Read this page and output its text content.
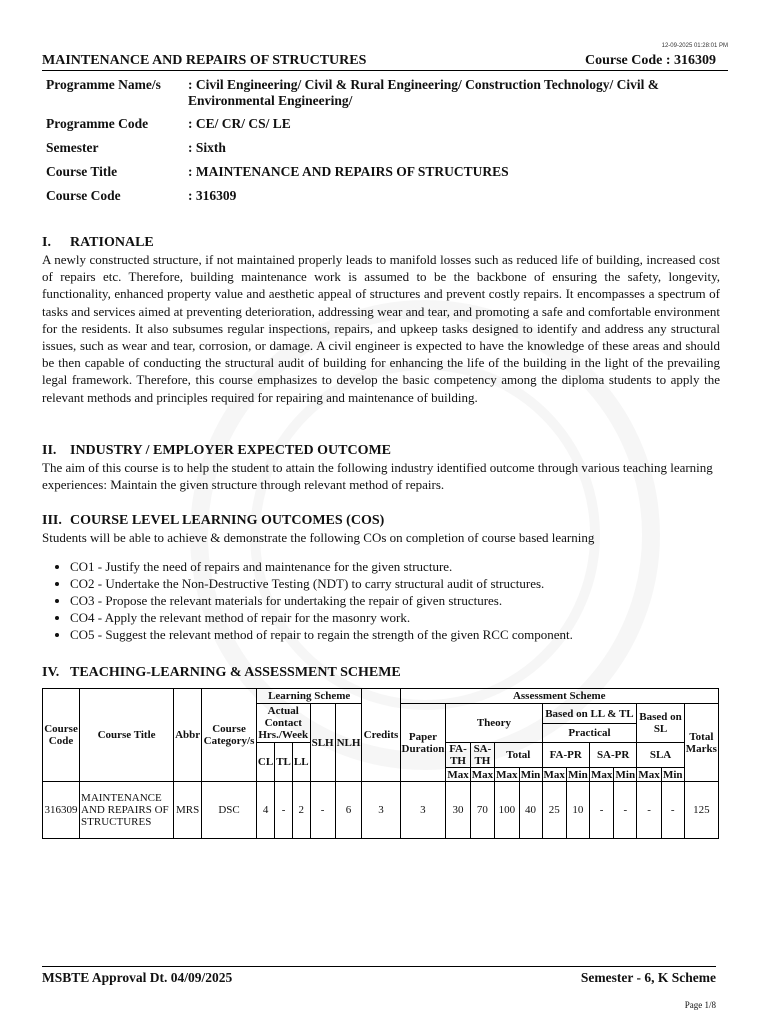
12-09-2025 01:28:01 PM
MAINTENANCE AND REPAIRS OF STRUCTURES	Course Code : 316309
Programme Name/s	: Civil Engineering/ Civil & Rural Engineering/ Construction Technology/ Civil & Environmental Engineering/
Programme Code	: CE/ CR/ CS/ LE
Semester	: Sixth
Course Title	: MAINTENANCE AND REPAIRS OF STRUCTURES
Course Code	: 316309
I.	RATIONALE

A newly constructed structure, if not maintained properly leads to manifold losses such as reduced life of building, increased cost of repairs etc. Therefore, building maintenance work is assumed to be the backbone of ensuring the safety, longevity, functionality, enhanced property value and aesthetic appeal of structures and prevent costly repairs. It encompasses a spectrum of tasks and services aimed at preventing deterioration, addressing wear and tear, and promoting a safe and comfortable environment for the residents. It also subsumes regular inspections, repairs, and upkeep tasks designed to identify and address any structural issues, such as wear and tear, corrosion, or damage. A civil engineer is expected to have the knowledge of these areas and should be then capable of conducting the structural audit of building for enhancing the life of the building in the light of the prevailing legal framework. Therefore, this course emphasizes to develop the basic competency among the diploma students to apply the relevant methods and principles required for repairing and maintenance of building.

II. INDUSTRY / EMPLOYER EXPECTED OUTCOME

The aim of this course is to help the student to attain the following industry identified outcome through various teaching learning experiences: Maintain the given structure through relevant method of repairs.

III. COURSE LEVEL LEARNING OUTCOMES (COS)

Students will be able to achieve & demonstrate the following COs on completion of course based learning

• CO1 - Justify the need of repairs and maintenance for the given structure.
• CO2 - Undertake the Non-Destructive Testing (NDT) to carry structural audit of structures.
• CO3 - Propose the relevant materials for undertaking the repair of given structures.
• CO4 - Apply the relevant method of repair for the masonry work.
• CO5 - Suggest the relevant method of repair to regain the strength of the given RCC component.
IV. TEACHING-LEARNING & ASSESSMENT SCHEME
Course Code	Course Title	Abbr	Course Category/s	Learning Scheme					Credits	Assessment Scheme											
				Actual Contact Hrs./Week			SLH	NLH		Paper Duration	Theory				Based on LL & TL				Based on SL		Total Marks
															Practical						
				CL	TL	LL					FA-TH	SA-TH	Total		FA-PR		SA-PR		SLA		
											Max	Max	Max	Min	Max	Min	Max	Min	Max	Min	
316309	MAINTENANCE AND REPAIRS OF STRUCTURES	MRS	DSC	4	-	2	-	6	3	3	30	70	100	40	25	10	-	-	-	-	125
MSBTE Approval Dt. 04/09/2025	Semester - 6, K Scheme
Page 1/8
